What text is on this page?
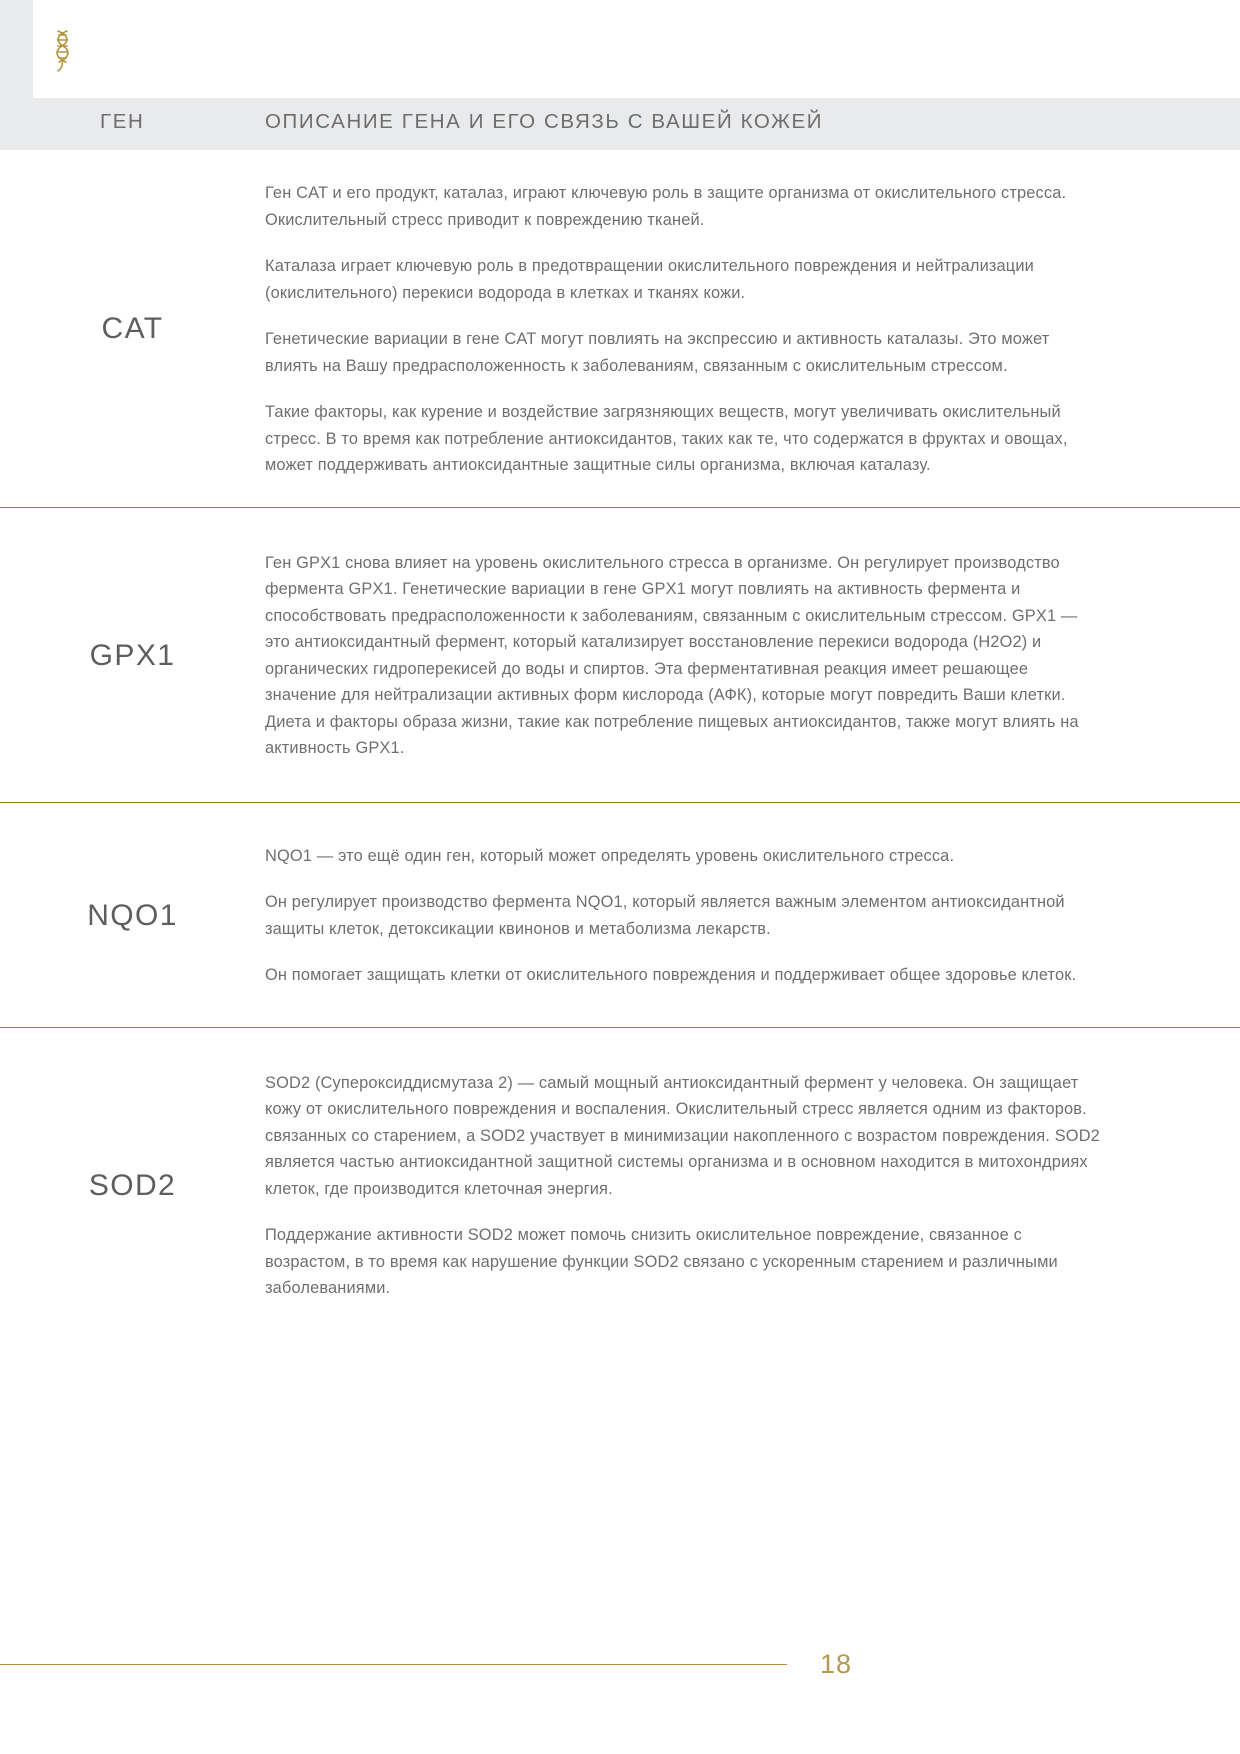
ГЕН	ОПИСАНИЕ ГЕНА И ЕГО СВЯЗЬ С ВАШЕЙ КОЖЕЙ
CAT

Ген CAT и его продукт, каталаз, играют ключевую роль в защите организма от окислительного стресса. Окислительный стресс приводит к повреждению тканей.

Каталаза играет ключевую роль в предотвращении окислительного повреждения и нейтрализации (окислительного) перекиси водорода в клетках и тканях кожи.

Генетические вариации в гене CAT могут повлиять на экспрессию и активность каталазы. Это может влиять на Вашу предрасположенность к заболеваниям, связанным с окислительным стрессом.

Такие факторы, как курение и воздействие загрязняющих веществ, могут увеличивать окислительный стресс. В то время как потребление антиоксидантов, таких как те, что содержатся в фруктах и овощах, может поддерживать антиоксидантные защитные силы организма, включая каталазу.

GPX1

Ген GPX1 снова влияет на уровень окислительного стресса в организме. Он регулирует производство фермента GPX1. Генетические вариации в гене GPX1 могут повлиять на активность фермента и способствовать предрасположенности к заболеваниям, связанным с окислительным стрессом. GPX1 — это антиоксидантный фермент, который катализирует восстановление перекиси водорода (H2O2) и органических гидроперекисей до воды и спиртов. Эта ферментативная реакция имеет решающее значение для нейтрализации активных форм кислорода (АФК), которые могут повредить Ваши клетки. Диета и факторы образа жизни, такие как потребление пищевых антиоксидантов, также могут влиять на активность GPX1.

NQO1

NQO1 — это ещё один ген, который может определять уровень окислительного стресса.

Он регулирует производство фермента NQO1, который является важным элементом антиоксидантной защиты клеток, детоксикации квинонов и метаболизма лекарств.

Он помогает защищать клетки от окислительного повреждения и поддерживает общее здоровье клеток.

SOD2

SOD2 (Супероксиддисмутаза 2) — самый мощный антиоксидантный фермент у человека. Он защищает кожу от окислительного повреждения и воспаления. Окислительный стресс является одним из факторов. связанных со старением, а SOD2 участвует в минимизации накопленного с возрастом повреждения. SOD2 является частью антиоксидантной защитной системы организма и в основном находится в митохондриях клеток, где производится клеточная энергия.

Поддержание активности SOD2 может помочь снизить окислительное повреждение, связанное с возрастом, в то время как нарушение функции SOD2 связано с ускоренным старением и различными заболеваниями.

18
